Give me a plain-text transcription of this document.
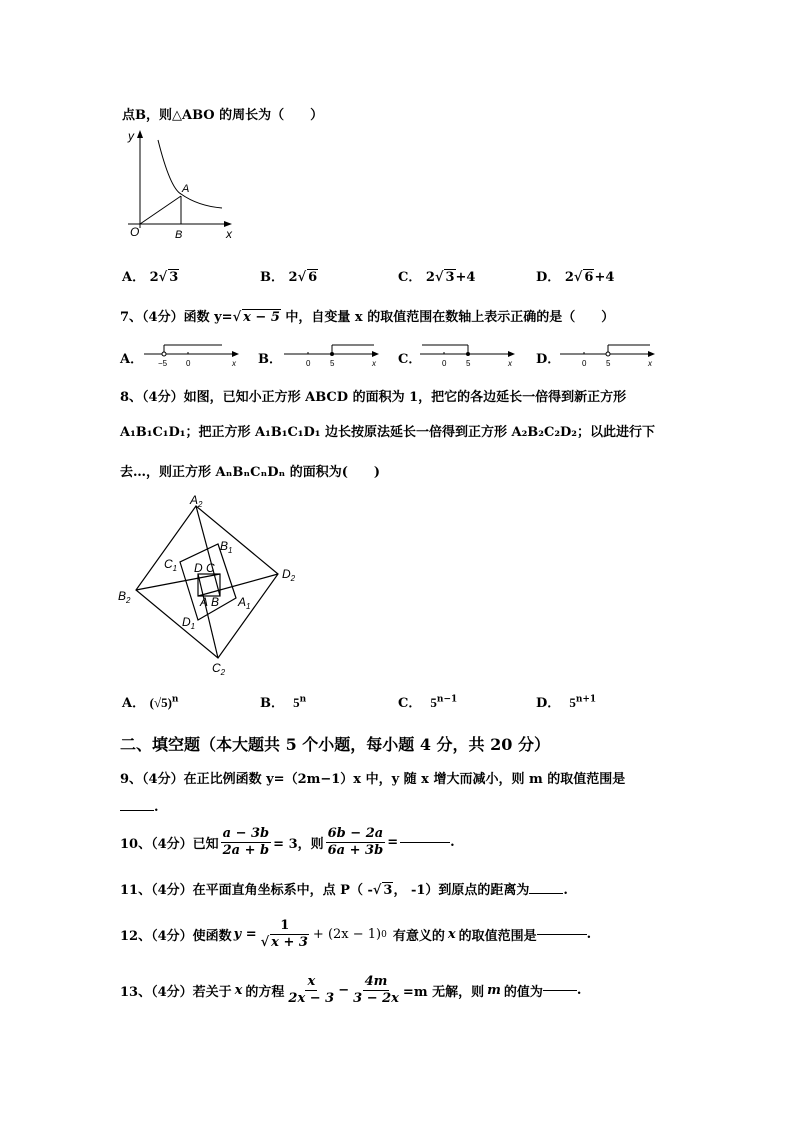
点B，则△ABO 的周长为（　　）
y
x
O
A
B
A． 2√ 3	B． 2√ 6	C． 2√ 3+4	D． 2√ 6+4
7、（4分）函数 y=√ x − 5 中，自变量 x 的取值范围在数轴上表示正确的是（　　）
A． −5 0	x B．	0 5	x C．	0 5	x D．	0 5	x
8、（4分）如图，已知小正方形 ABCD 的面积为 1，把它的各边延长一倍得到新正方形
A₁B₁C₁D₁；把正方形 A₁B₁C₁D₁ 边长按原法延长一倍得到正方形 A₂B₂C₂D₂；以此进行下
去…，则正方形 AₙBₙCₙDₙ 的面积为(　　)
$A_2$
$B_2$
$C_2$
$D_2$
$A_1$
$B_1$
$C_1$
$D_1$
D C
A B
A． $(√5)^n$	B． 5$^n$	C． $5^{n-1}$	D． $5^{n+1}$
二、填空题（本大题共 5 个小题，每小题 4 分，共 20 分）
9、（4分）在正比例函数 y=（2m−1）x 中，y 随 x 增大而减小，则 m 的取值范围是
.
10、（4分）已知 $\frac{a - 3b}{2a + b} = 3$，则 $\frac{6b - 2a}{6a + 3b}$ =	.
11、（4分）在平面直角坐标系中，点 P（ -√ 3， -1）到原点的距离为	.
12、（4分）使函数 $y = \frac{1}{√ x + 3} + (2x - 1)$ 0 有意义的 x 的取值范围是	.
13、（4分）若关于 x 的方程 $\frac{x}{2x - 3} - \frac{4m}{3 - 2x} =m$ 无解，则 m 的值为	.
